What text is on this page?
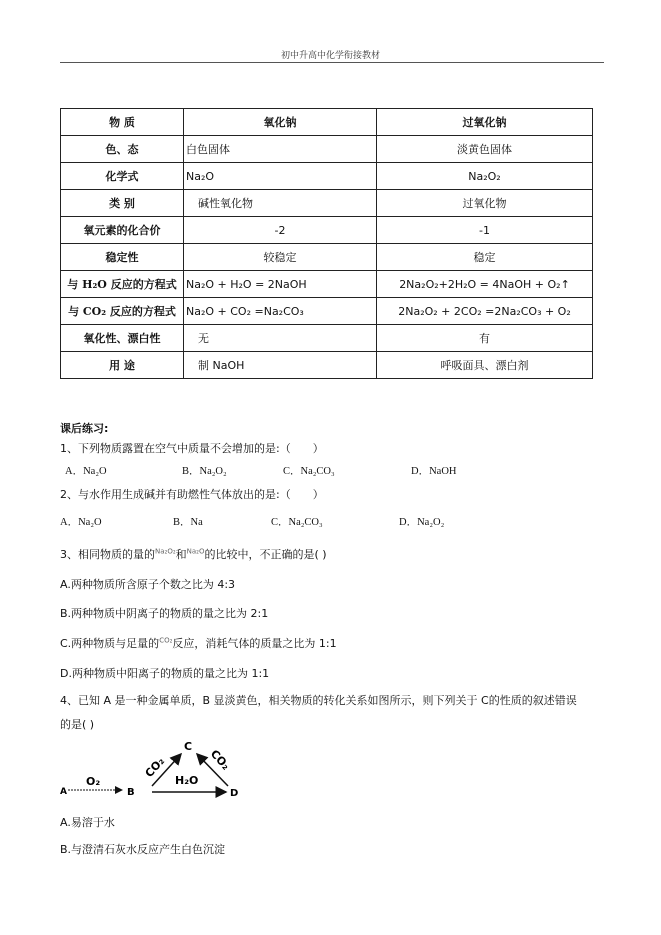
初中升高中化学衔接教材
物 质	氧化钠	过氧化钠
色、态	白色固体	淡黄色固体
化学式	Na₂O	Na₂O₂
类 别	碱性氧化物	过氧化物
氧元素的化合价	-2	-1
稳定性	较稳定	稳定
与 H₂O 反应的方程式	Na₂O + H₂O = 2NaOH	2Na₂O₂+2H₂O = 4NaOH + O₂↑
与 CO₂ 反应的方程式	Na₂O + CO₂ =Na₂CO₃	2Na₂O₂ + 2CO₂ =2Na₂CO₃ + O₂
氧化性、漂白性	无	有
用 途	制 NaOH	呼吸面具、漂白剂
课后练习:
1、下列物质露置在空气中质量不会增加的是:（　　）
A．Na₂O	B．Na₂O₂	C．Na₂CO₃	D．NaOH
2、与水作用生成碱并有助燃性气体放出的是:（　　）
A．Na₂O	B．Na	C．Na₂CO₃	D．Na₂O₂
3、相同物质的量的$^{Na_2O_2}$和$^{Na_2O}$的比较中，不正确的是( )
A.两种物质所含原子个数之比为 4:3
B.两种物质中阴离子的物质的量之比为 2:1
C.两种物质与足量的$^{CO_2}$反应，消耗气体的质量之比为 1:1
D.两种物质中阳离子的物质的量之比为 1:1
4、已知 A 是一种金属单质，B 显淡黄色，相关物质的转化关系如图所示，则下列关于 C的性质的叙述错误
的是( )
A
O₂
B
C
D
CO₂
H₂O
CO₂
A.易溶于水
B.与澄清石灰水反应产生白色沉淀
